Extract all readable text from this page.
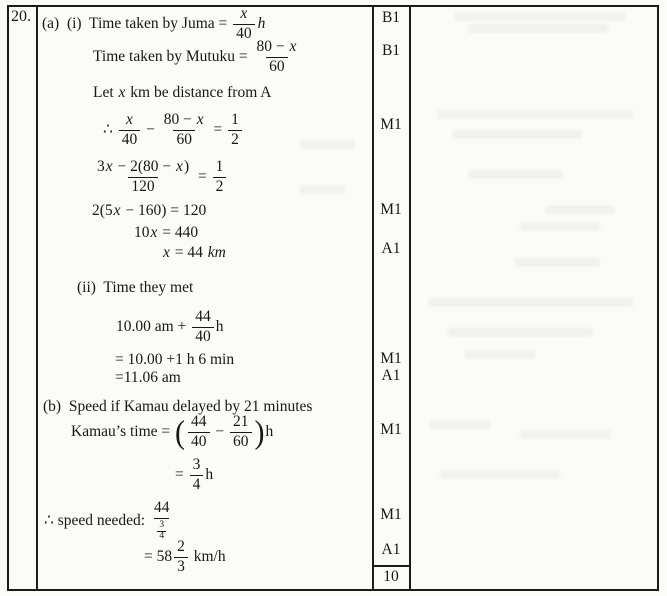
20. (a)  (i)  Time taken by Juma = $\frac{x}{40}$ h	B1
Time taken by Mutuku = $\frac{80 - x}{60}$	B1
Let x km be distance from A
∴ $\frac{x}{40} - \frac{80 - x}{60} = \frac{1}{2}$	M1
$\frac{3 x - 2(80 - x )}{120} = \frac{1}{2}$
2(5 x − 160) = 120	M1
10 x = 440
x = 44 km	A1
(ii)  Time they met
10.00 am + $\frac{44}{40}$ h
= 10.00 +1 h 6 min	M1
=11.06 am	A1
(b)  Speed if Kamau delayed by 21 minutes
Kamau’s time = ( $\frac{44}{40} - \frac{21}{60}$ ) h	M1
= $\frac{3}{4}$ h
∴ speed needed: $\frac{44}{\frac{3}{4}}$	M1
= $58 \frac{2}{3} km/h$	A1
10
